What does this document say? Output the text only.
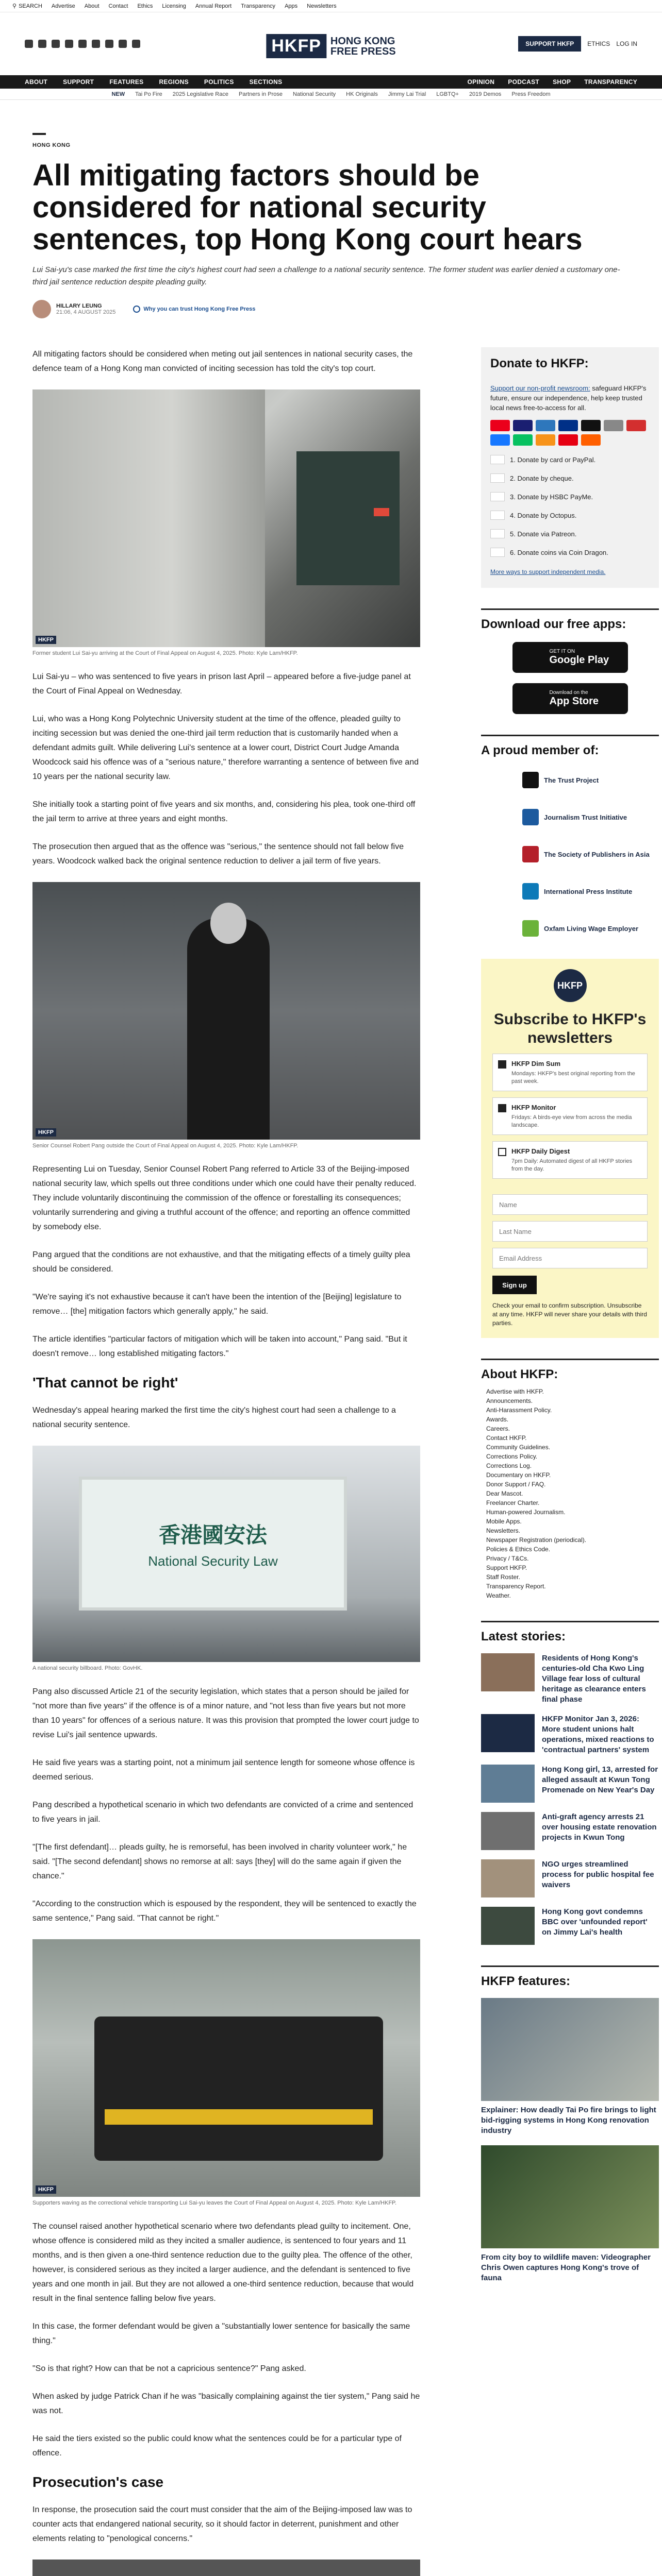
⚲ SEARCH Advertise About Contact Ethics Licensing Annual Report Transparency Apps Newsletters
HKFP HONG KONG
FREE PRESS
SUPPORT HKFP	ETHICS LOG IN
ABOUT	SUPPORT	FEATURES	REGIONS	POLITICS	SECTIONS	OPINION PODCAST SHOP TRANSPARENCY
NEW Tai Po Fire 2025 Legislative Race Partners in Prose National Security HK Originals Jimmy Lai Trial LGBTQ+ 2019 Demos Press Freedom
HONG KONG
All mitigating factors should be considered for national security sentences, top Hong Kong court hears
Lui Sai-yu's case marked the first time the city's highest court had seen a challenge to a national security sentence. The former student was earlier denied a customary one-third jail sentence reduction despite pleading guilty.
HILLARY LEUNG
21:06, 4 AUGUST 2025	Why you can trust Hong Kong Free Press

All mitigating factors should be considered when meting out jail sentences in national security cases, the defence team of a Hong Kong man convicted of inciting secession has told the city's top court.

HKFP
Former student Lui Sai-yu arriving at the Court of Final Appeal on August 4, 2025. Photo: Kyle Lam/HKFP.

Lui Sai-yu – who was sentenced to five years in prison last April – appeared before a five-judge panel at the Court of Final Appeal on Wednesday.

Lui, who was a Hong Kong Polytechnic University student at the time of the offence, pleaded guilty to inciting secession but was denied the one-third jail term reduction that is customarily handed when a defendant admits guilt. While delivering Lui's sentence at a lower court, District Court Judge Amanda Woodcock said his offence was of a "serious nature," therefore warranting a sentence of between five and 10 years per the national security law.

She initially took a starting point of five years and six months, and, considering his plea, took one-third off the jail term to arrive at three years and eight months.

The prosecution then argued that as the offence was "serious," the sentence should not fall below five years. Woodcock walked back the original sentence reduction to deliver a jail term of five years.

HKFP
Senior Counsel Robert Pang outside the Court of Final Appeal on August 4, 2025. Photo: Kyle Lam/HKFP.

Representing Lui on Tuesday, Senior Counsel Robert Pang referred to Article 33 of the Beijing-imposed national security law, which spells out three conditions under which one could have their penalty reduced. They include voluntarily discontinuing the commission of the offence or forestalling its consequences; voluntarily surrendering and giving a truthful account of the offence; and reporting an offence committed by somebody else.

Pang argued that the conditions are not exhaustive, and that the mitigating effects of a timely guilty plea should be considered.

"We're saying it's not exhaustive because it can't have been the intention of the [Beijing] legislature to remove… [the] mitigation factors which generally apply," he said.

The article identifies "particular factors of mitigation which will be taken into account," Pang said. "But it doesn't remove… long established mitigating factors."

'That cannot be right'

Wednesday's appeal hearing marked the first time the city's highest court had seen a challenge to a national security sentence.

香港國安法
National Security Law
A national security billboard. Photo: GovHK.

Pang also discussed Article 21 of the security legislation, which states that a person should be jailed for "not more than five years" if the offence is of a minor nature, and "not less than five years but not more than 10 years" for offences of a serious nature. It was this provision that prompted the lower court judge to revise Lui's jail sentence upwards.

He said five years was a starting point, not a minimum jail sentence length for someone whose offence is deemed serious.

Pang described a hypothetical scenario in which two defendants are convicted of a crime and sentenced to five years in jail.

"[The first defendant]… pleads guilty, he is remorseful, has been involved in charity volunteer work," he said. "[The second defendant] shows no remorse at all: says [they] will do the same again if given the chance."

"According to the construction which is espoused by the respondent, they will be sentenced to exactly the same sentence," Pang said. "That cannot be right."

HKFP
Supporters waving as the correctional vehicle transporting Lui Sai-yu leaves the Court of Final Appeal on August 4, 2025. Photo: Kyle Lam/HKFP.

The counsel raised another hypothetical scenario where two defendants plead guilty to incitement. One, whose offence is considered mild as they incited a smaller audience, is sentenced to four years and 11 months, and is then given a one-third sentence reduction due to the guilty plea. The offence of the other, however, is considered serious as they incited a larger audience, and the defendant is sentenced to five years and one month in jail. But they are not allowed a one-third sentence reduction, because that would result in the final sentence falling below five years.

In this case, the former defendant would be given a "substantially lower sentence for basically the same thing."

"So is that right? How can that be not a capricious sentence?" Pang asked.

When asked by judge Patrick Chan if he was "basically complaining against the tier system," Pang said he was not.

He said the tiers existed so the public could know what the sentences could be for a particular type of offence.

Prosecution's case

In response, the prosecution said the court must consider that the aim of the Beijing-imposed law was to counter acts that endangered national security, so it should factor in deterrent, punishment and other elements relating to "penological concerns."

Donate to HKFP:
Support our non-profit newsroom: safeguard HKFP's future, ensure our independence, help keep trusted local news free-to-access for all.
1. Donate by card or PayPal.
2. Donate by cheque.
3. Donate by HSBC PayMe.
4. Donate by Octopus.
5. Donate via Patreon.
6. Donate coins via Coin Dragon.
More ways to support independent media.
Download our free apps:
GET IT ON
Google Play
Download on the
App Store
A proud member of:
The Trust Project
Journalism Trust Initiative
The Society of Publishers in Asia
International Press Institute
Oxfam Living Wage Employer
HKFP
Subscribe to HKFP's newsletters
HKFP Dim Sum

Mondays: HKFP's best original reporting from the past week.

HKFP Monitor

Fridays: A birds-eye view from across the media landscape.

HKFP Daily Digest

7pm Daily: Automated digest of all HKFP stories from the day.

Name
Last Name
Email Address
Sign up
Check your email to confirm subscription. Unsubscribe at any time. HKFP will never share your details with third parties.
About HKFP:
Advertise with HKFP.
Announcements.
Anti-Harassment Policy.
Awards.
Careers.
Contact HKFP.
Community Guidelines.
Corrections Policy.
Corrections Log.
Documentary on HKFP.
Donor Support / FAQ.
Dear Mascot.
Freelancer Charter.
Human-powered Journalism.
Mobile Apps.
Newsletters.
Newspaper Registration (periodical).
Policies & Ethics Code.
Privacy / T&Cs.
Support HKFP.
Staff Roster.
Transparency Report.
Weather.
Latest stories:
Residents of Hong Kong's centuries-old Cha Kwo Ling Village fear loss of cultural heritage as clearance enters final phase
HKFP Monitor Jan 3, 2026: More student unions halt operations, mixed reactions to 'contractual partners' system
Hong Kong girl, 13, arrested for alleged assault at Kwun Tong Promenade on New Year's Day
Anti-graft agency arrests 21 over housing estate renovation projects in Kwun Tong
NGO urges streamlined process for public hospital fee waivers
Hong Kong govt condemns BBC over 'unfounded report' on Jimmy Lai's health
HKFP features:
Explainer: How deadly Tai Po fire brings to light bid-rigging systems in Hong Kong renovation industry
From city boy to wildlife maven: Videographer Chris Owen captures Hong Kong's trove of fauna
